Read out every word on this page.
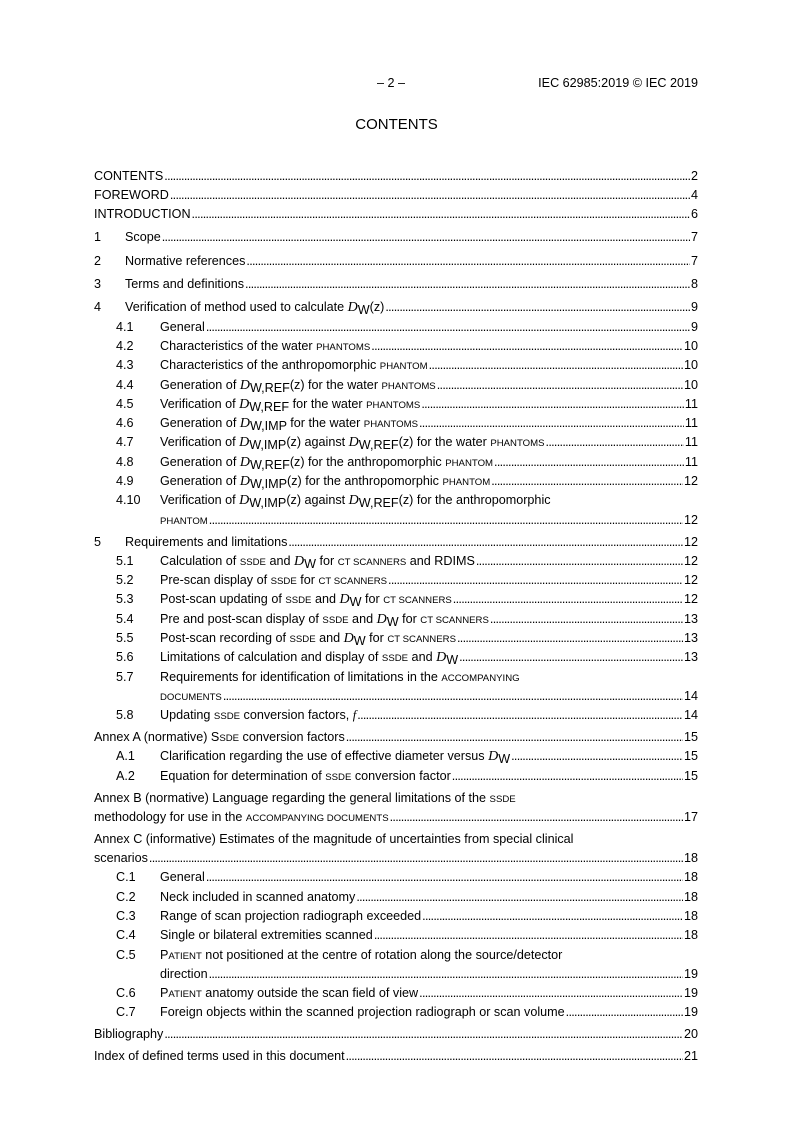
– 2 –	IEC 62985:2019 © IEC 2019
CONTENTS
CONTENTS . . .	2
FOREWORD . . .	4
INTRODUCTION . . .	6
1 Scope . . .	7
2 Normative references . . .	7
3 Terms and definitions . . .	8
4 Verification of method used to calculate DW(z) . . .	9
4.1 General . . .	9
4.2 Characteristics of the water PHANTOMS . . .	10
4.3 Characteristics of the anthropomorphic PHANTOM . . .	10
4.4 Generation of DW,REF(z) for the water PHANTOMS . . .	10
4.5 Verification of DW,REF for the water PHANTOMS . . .	11
4.6 Generation of DW,IMP for the water PHANTOMS . . .	11
4.7 Verification of DW,IMP(z) against DW,REF(z) for the water PHANTOMS . . .	11
4.8 Generation of DW,REF(z) for the anthropomorphic PHANTOM . . .	11
4.9 Generation of DW,IMP(z) for the anthropomorphic PHANTOM . . .	12
4.10 Verification of DW,IMP(z) against DW,REF(z) for the anthropomorphic
PHANTOM . . .	12
5 Requirements and limitations . . .	12
5.1 Calculation of SSDE and DW for CT SCANNERS and RDIMS . . .	12
5.2 Pre-scan display of SSDE for CT SCANNERS . . .	12
5.3 Post-scan updating of SSDE and DW for CT SCANNERS . . .	12
5.4 Pre and post-scan display of SSDE and DW for CT SCANNERS . . .	13
5.5 Post-scan recording of SSDE and DW for CT SCANNERS . . .	13
5.6 Limitations of calculation and display of SSDE and DW . . .	13
5.7 Requirements for identification of limitations in the ACCOMPANYING
DOCUMENTS . . .	14
5.8 Updating SSDE conversion factors, f . . .	14
Annex A (normative) SSDE conversion factors . . .	15
A.1 Clarification regarding the use of effective diameter versus DW . . .	15
A.2 Equation for determination of SSDE conversion factor . . .	15
Annex B (normative) Language regarding the general limitations of the SSDE
methodology for use in the ACCOMPANYING DOCUMENTS . . .	17
Annex C (informative) Estimates of the magnitude of uncertainties from special clinical
scenarios . . .	18
C.1 General . . .	18
C.2 Neck included in scanned anatomy . . .	18
C.3 Range of scan projection radiograph exceeded . . .	18
C.4 Single or bilateral extremities scanned . . .	18
C.5 PATIENT not positioned at the centre of rotation along the source/detector
direction . . .	19
C.6 PATIENT anatomy outside the scan field of view . . .	19
C.7 Foreign objects within the scanned projection radiograph or scan volume . . .	19
Bibliography . . .	20
Index of defined terms used in this document . . .	21
